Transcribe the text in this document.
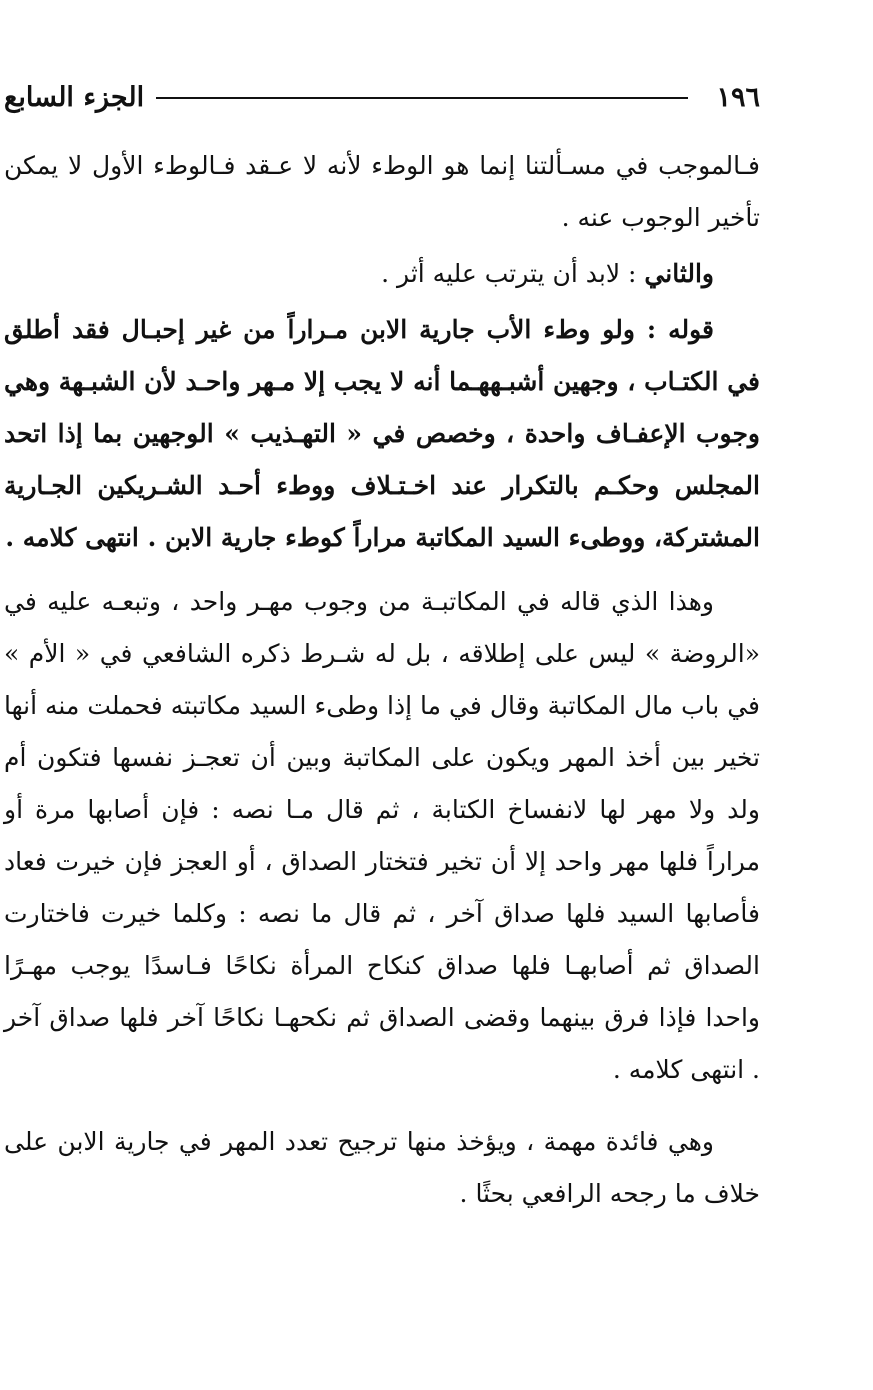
الجزء السابع	١٩٦

فـالموجب في مسـألتنا إنما هو الوطء لأنه لا عـقد فـالوطء الأول لا يمكن تأخير الوجوب عنه .

والثاني : لابد أن يترتب عليه أثر .

قوله : ولو وطء الأب جارية الابن مـراراً من غير إحبـال فقد أطلق في الكتـاب ، وجهين أشبـههـما أنه لا يجب إلا مـهر واحـد لأن الشبـهة وهي وجوب الإعفـاف واحدة ، وخصص في « التهـذيب » الوجهين بما إذا اتحد المجلس وحكـم بالتكرار عند اخـتـلاف ووطء أحـد الشـريكين الجـارية المشتركة، ووطىء السيد المكاتبة مراراً كوطء جارية الابن . انتهى كلامه .

وهذا الذي قاله في المكاتبـة من وجوب مهـر واحد ، وتبعـه عليه في «الروضة » ليس على إطلاقه ، بل له شـرط ذكره الشافعي في « الأم » في باب مال المكاتبة وقال في ما إذا وطىء السيد مكاتبته فحملت منه أنها تخير بين أخذ المهر ويكون على المكاتبة وبين أن تعجـز نفسها فتكون أم ولد ولا مهر لها لانفساخ الكتابة ، ثم قال مـا نصه : فإن أصابها مرة أو مراراً فلها مهر واحد إلا أن تخير فتختار الصداق ، أو العجز فإن خيرت فعاد فأصابها السيد فلها صداق آخر ، ثم قال ما نصه : وكلما خيرت فاختارت الصداق ثم أصابهـا فلها صداق كنكاح المرأة نكاحًا فـاسدًا يوجب مهـرًا واحدا فإذا فرق بينهما وقضى الصداق ثم نكحهـا نكاحًا آخر فلها صداق آخر . انتهى كلامه .

وهي فائدة مهمة ، ويؤخذ منها ترجيح تعدد المهر في جارية الابن على خلاف ما رجحه الرافعي بحثًا .
